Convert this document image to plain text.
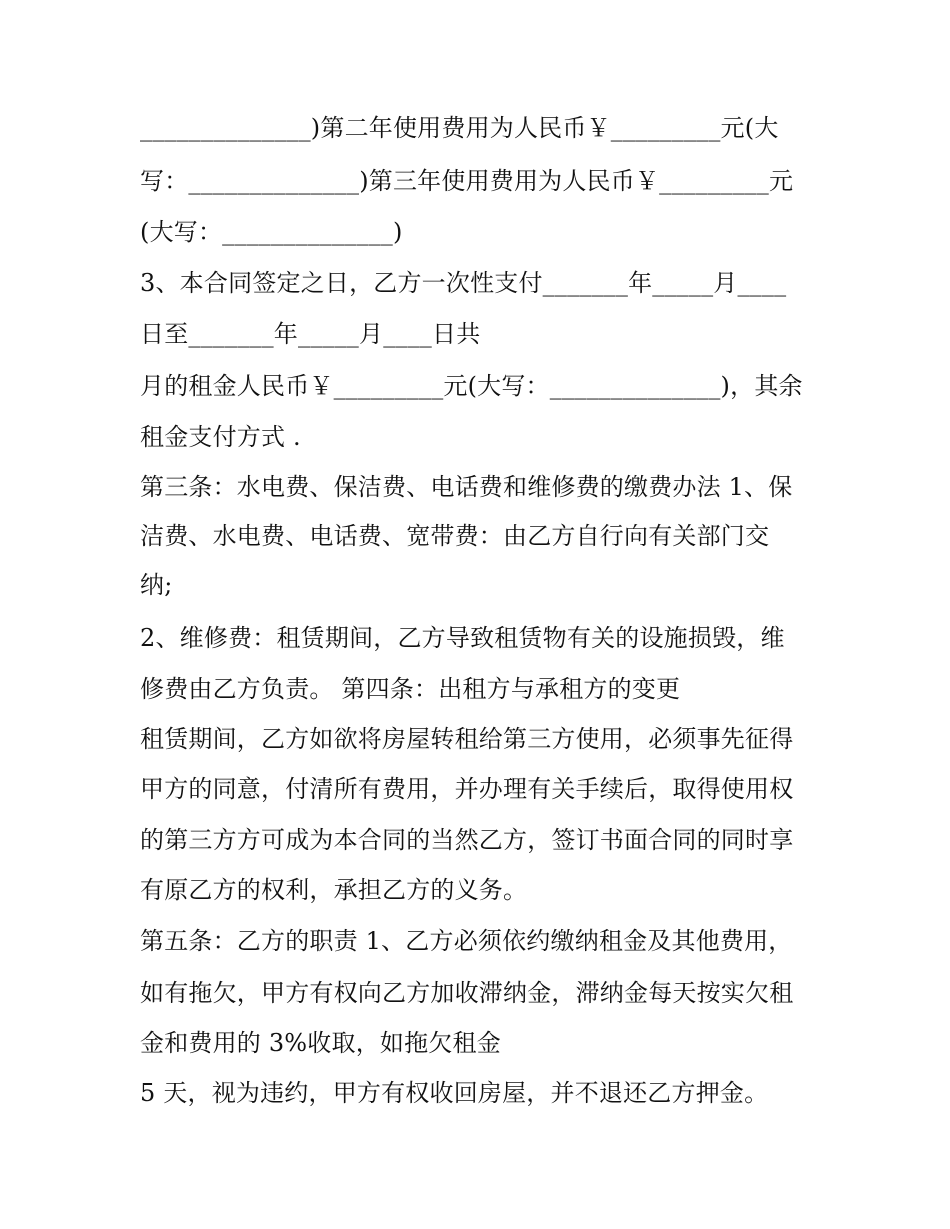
______________)第二年使用费用为人民币￥_________元(大
写：______________)第三年使用费用为人民币￥_________元
(大写：______________)
3、本合同签定之日，乙方一次性支付_______年_____月____
日至_______年_____月____日共
月的租金人民币￥_________元(大写：______________)，其余
租金支付方式 .
第三条：水电费、保洁费、电话费和维修费的缴费办法 1、保
洁费、水电费、电话费、宽带费：由乙方自行向有关部门交
纳;
2、维修费：租赁期间，乙方导致租赁物有关的设施损毁，维
修费由乙方负责。 第四条：出租方与承租方的变更
租赁期间，乙方如欲将房屋转租给第三方使用，必须事先征得
甲方的同意，付清所有费用，并办理有关手续后，取得使用权
的第三方方可成为本合同的当然乙方，签订书面合同的同时享
有原乙方的权利，承担乙方的义务。
第五条：乙方的职责 1、乙方必须依约缴纳租金及其他费用，
如有拖欠，甲方有权向乙方加收滞纳金，滞纳金每天按实欠租
金和费用的 3%收取，如拖欠租金
5 天，视为违约，甲方有权收回房屋，并不退还乙方押金。
